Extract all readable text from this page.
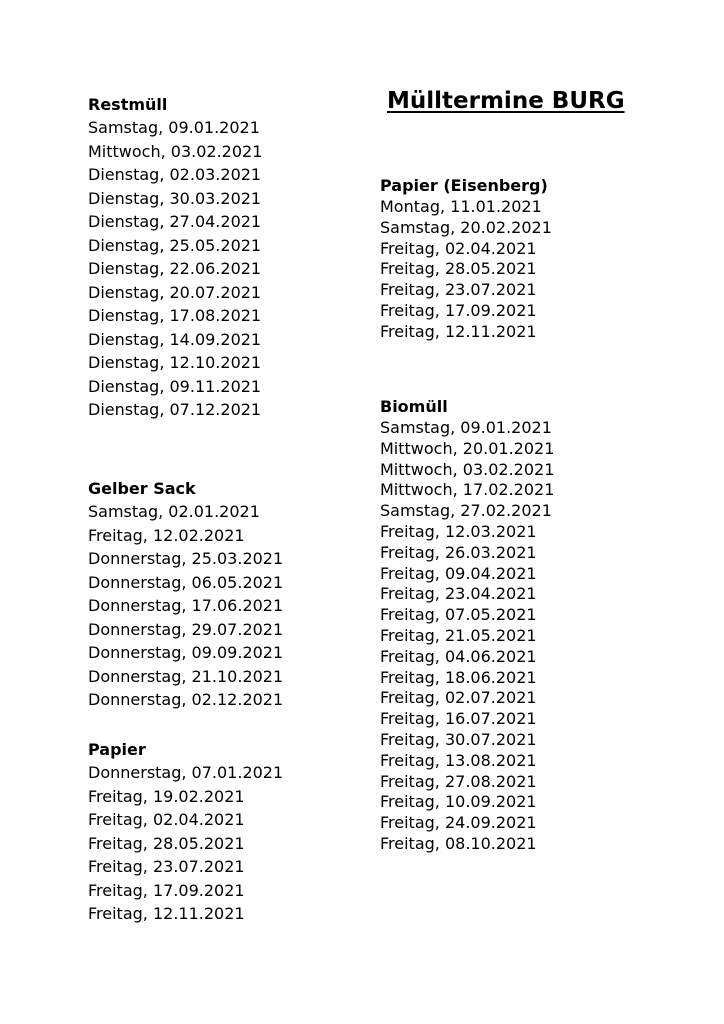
Mülltermine BURG
Restmüll
Samstag, 09.01.2021
Mittwoch, 03.02.2021
Dienstag, 02.03.2021
Dienstag, 30.03.2021
Dienstag, 27.04.2021
Dienstag, 25.05.2021
Dienstag, 22.06.2021
Dienstag, 20.07.2021
Dienstag, 17.08.2021
Dienstag, 14.09.2021
Dienstag, 12.10.2021
Dienstag, 09.11.2021
Dienstag, 07.12.2021
Gelber Sack
Samstag, 02.01.2021
Freitag, 12.02.2021
Donnerstag, 25.03.2021
Donnerstag, 06.05.2021
Donnerstag, 17.06.2021
Donnerstag, 29.07.2021
Donnerstag, 09.09.2021
Donnerstag, 21.10.2021
Donnerstag, 02.12.2021
Papier
Donnerstag, 07.01.2021
Freitag, 19.02.2021
Freitag, 02.04.2021
Freitag, 28.05.2021
Freitag, 23.07.2021
Freitag, 17.09.2021
Freitag, 12.11.2021
Papier (Eisenberg)
Montag, 11.01.2021
Samstag, 20.02.2021
Freitag, 02.04.2021
Freitag, 28.05.2021
Freitag, 23.07.2021
Freitag, 17.09.2021
Freitag, 12.11.2021
Biomüll
Samstag, 09.01.2021
Mittwoch, 20.01.2021
Mittwoch, 03.02.2021
Mittwoch, 17.02.2021
Samstag, 27.02.2021
Freitag, 12.03.2021
Freitag, 26.03.2021
Freitag, 09.04.2021
Freitag, 23.04.2021
Freitag, 07.05.2021
Freitag, 21.05.2021
Freitag, 04.06.2021
Freitag, 18.06.2021
Freitag, 02.07.2021
Freitag, 16.07.2021
Freitag, 30.07.2021
Freitag, 13.08.2021
Freitag, 27.08.2021
Freitag, 10.09.2021
Freitag, 24.09.2021
Freitag, 08.10.2021
